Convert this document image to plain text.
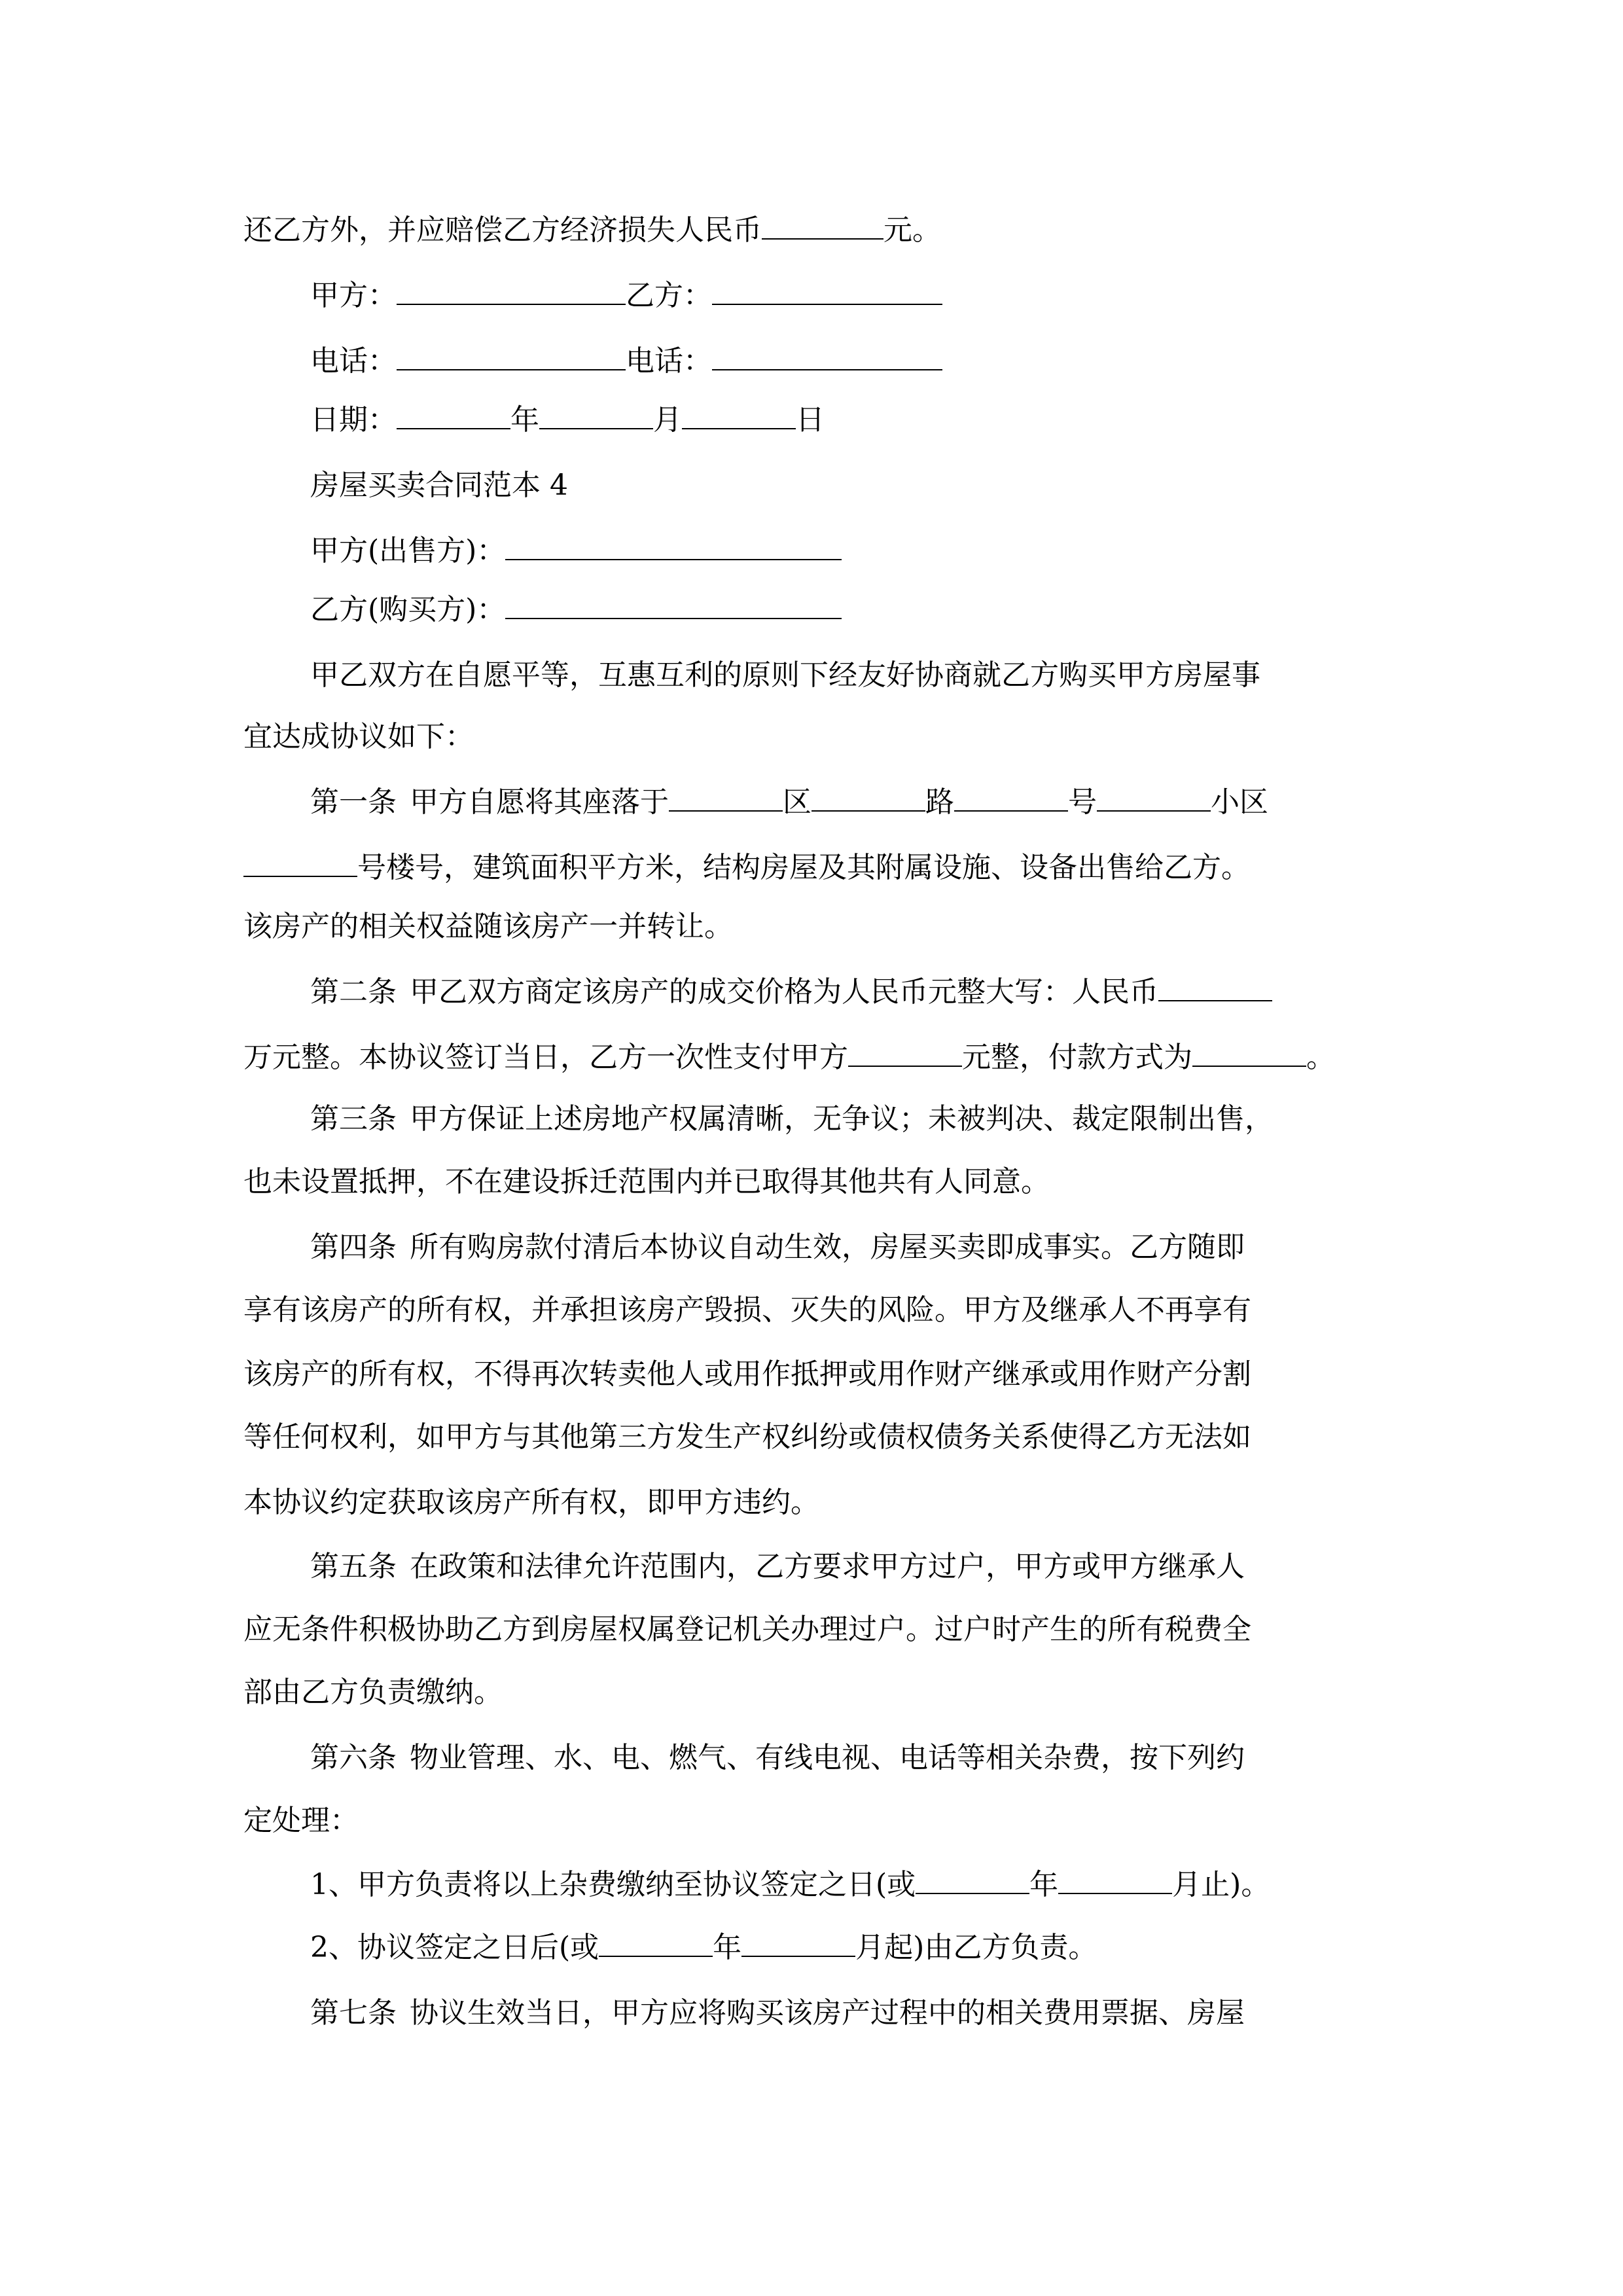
还乙方外，并应赔偿乙方经济损失人民币	元。
甲方：	乙方：
电话：	电话：
日期：	年	月	日
房屋买卖合同范本 4
甲方(出售方)：
乙方(购买方)：
甲乙双方在自愿平等，互惠互利的原则下经友好协商就乙方购买甲方房屋事
宜达成协议如下：
第一条 甲方自愿将其座落于	区	路	号	小区
号楼号，建筑面积平方米，结构房屋及其附属设施、设备出售给乙方。
该房产的相关权益随该房产一并转让。
第二条 甲乙双方商定该房产的成交价格为人民币元整大写：人民币
万元整。本协议签订当日，乙方一次性支付甲方	元整，付款方式为	。
第三条 甲方保证上述房地产权属清晰，无争议；未被判决、裁定限制出售，
也未设置抵押，不在建设拆迁范围内并已取得其他共有人同意。
第四条 所有购房款付清后本协议自动生效，房屋买卖即成事实。乙方随即
享有该房产的所有权，并承担该房产毁损、灭失的风险。甲方及继承人不再享有
该房产的所有权，不得再次转卖他人或用作抵押或用作财产继承或用作财产分割
等任何权利，如甲方与其他第三方发生产权纠纷或债权债务关系使得乙方无法如
本协议约定获取该房产所有权，即甲方违约。
第五条 在政策和法律允许范围内，乙方要求甲方过户，甲方或甲方继承人
应无条件积极协助乙方到房屋权属登记机关办理过户。过户时产生的所有税费全
部由乙方负责缴纳。
第六条 物业管理、水、电、燃气、有线电视、电话等相关杂费，按下列约
定处理：
1、甲方负责将以上杂费缴纳至协议签定之日(或	年	月止)。
2、协议签定之日后(或	年	月起)由乙方负责。
第七条 协议生效当日，甲方应将购买该房产过程中的相关费用票据、房屋
